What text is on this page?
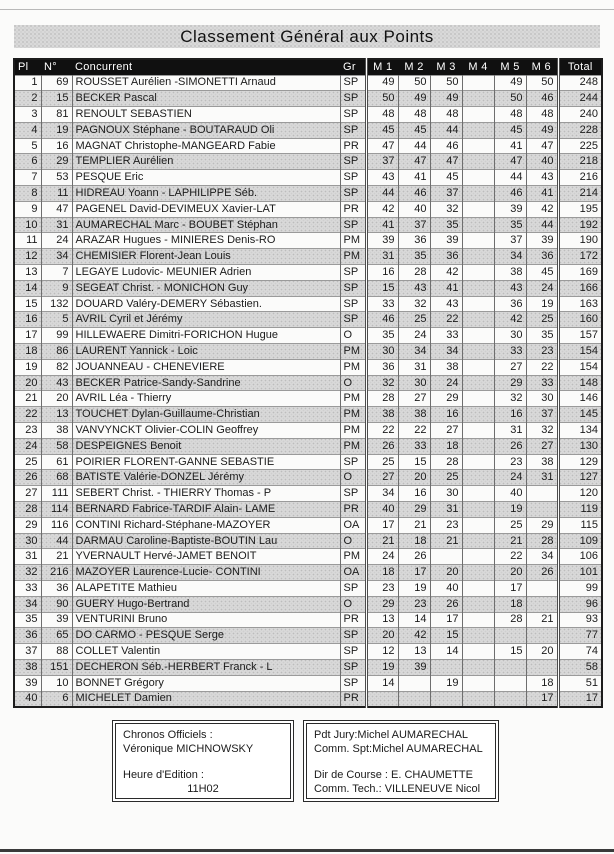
Classement Général aux Points
Pl	N°	Concurrent	Gr	M 1	M 2	M 3	M 4	M 5	M 6	Total
1	69	ROUSSET Aurélien -SIMONETTI Arnaud	SP	49	50	50		49	50	248
2	15	BECKER Pascal	SP	50	49	49		50	46	244
3	81	RENOULT SEBASTIEN	SP	48	48	48		48	48	240
4	19	PAGNOUX Stéphane - BOUTARAUD Oli	SP	45	45	44		45	49	228
5	16	MAGNAT Christophe-MANGEARD Fabie	PR	47	44	46		41	47	225
6	29	TEMPLIER Aurélien	SP	37	47	47		47	40	218
7	53	PESQUE Eric	SP	43	41	45		44	43	216
8	11	HIDREAU Yoann - LAPHILIPPE Séb.	SP	44	46	37		46	41	214
9	47	PAGENEL David-DEVIMEUX Xavier-LAT	PR	42	40	32		39	42	195
10	31	AUMARECHAL Marc - BOUBET Stéphan	SP	41	37	35		35	44	192
11	24	ARAZAR Hugues - MINIERES Denis-RO	PM	39	36	39		37	39	190
12	34	CHEMISIER Florent-Jean Louis	PM	31	35	36		34	36	172
13	7	LEGAYE Ludovic- MEUNIER Adrien	SP	16	28	42		38	45	169
14	9	SEGEAT Christ. - MONICHON Guy	SP	15	43	41		43	24	166
15	132	DOUARD Valéry-DEMERY Sébastien.	SP	33	32	43		36	19	163
16	5	AVRIL Cyril et Jérémy	SP	46	25	22		42	25	160
17	99	HILLEWAERE Dimitri-FORICHON Hugue	O	35	24	33		30	35	157
18	86	LAURENT Yannick - Loic	PM	30	34	34		33	23	154
19	82	JOUANNEAU - CHENEVIERE	PM	36	31	38		27	22	154
20	43	BECKER Patrice-Sandy-Sandrine	O	32	30	24		29	33	148
21	20	AVRIL Léa - Thierry	PM	28	27	29		32	30	146
22	13	TOUCHET Dylan-Guillaume-Christian	PM	38	38	16		16	37	145
23	38	VANVYNCKT Olivier-COLIN Geoffrey	PM	22	22	27		31	32	134
24	58	DESPEIGNES Benoit	PM	26	33	18		26	27	130
25	61	POIRIER FLORENT-GANNE SEBASTIE	SP	25	15	28		23	38	129
26	68	BATISTE Valérie-DONZEL Jérémy	O	27	20	25		24	31	127
27	111	SEBERT Christ. - THIERRY Thomas - P	SP	34	16	30		40		120
28	114	BERNARD Fabrice-TARDIF Alain- LAME	PR	40	29	31		19		119
29	116	CONTINI Richard-Stéphane-MAZOYER	OA	17	21	23		25	29	115
30	44	DARMAU Caroline-Baptiste-BOUTIN Lau	O	21	18	21		21	28	109
31	21	YVERNAULT Hervé-JAMET BENOIT	PM	24	26			22	34	106
32	216	MAZOYER Laurence-Lucie- CONTINI	OA	18	17	20		20	26	101
33	36	ALAPETITE Mathieu	SP	23	19	40		17		99
34	90	GUERY Hugo-Bertrand	O	29	23	26		18		96
35	39	VENTURINI Bruno	PR	13	14	17		28	21	93
36	65	DO CARMO - PESQUE Serge	SP	20	42	15				77
37	88	COLLET Valentin	SP	12	13	14		15	20	74
38	151	DECHERON Séb.-HERBERT Franck - L	SP	19	39					58
39	10	BONNET Grégory	SP	14		19			18	51
40	6	MICHELET Damien	PR						17	17
Chronos Officiels :
Véronique MICHNOWSKY
Heure d'Edition :
11H02
Pdt Jury:Michel AUMARECHAL
Comm. Spt:Michel AUMARECHAL
Dir de Course : E. CHAUMETTE
Comm. Tech.: VILLENEUVE Nicol
